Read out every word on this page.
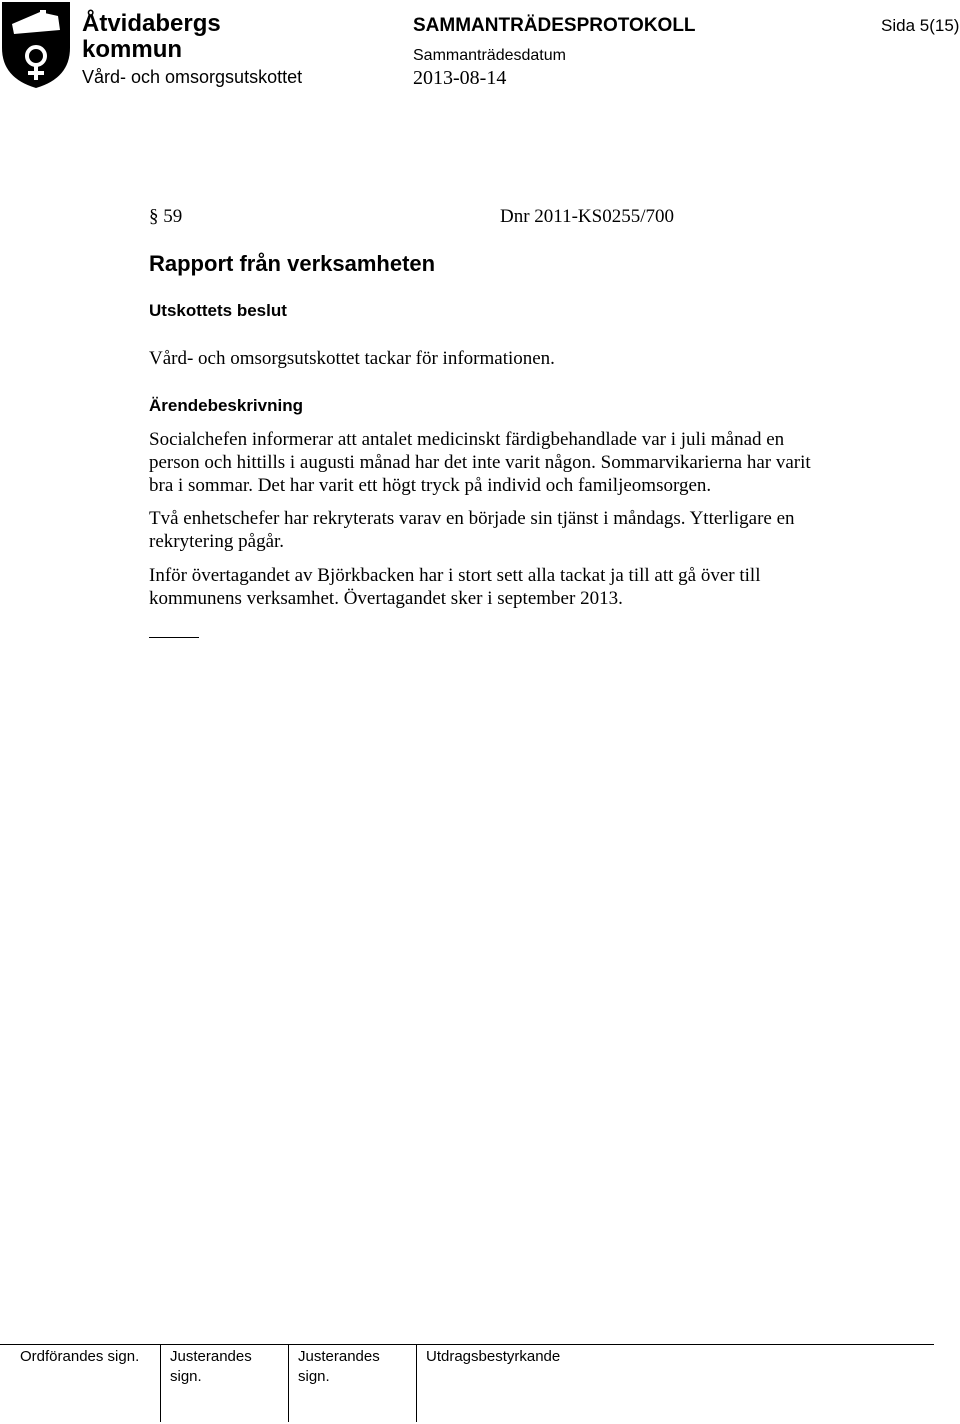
Åtvidabergs
kommun
Vård- och omsorgsutskottet
SAMMANTRÄDESPROTOKOLL
Sammanträdesdatum
2013-08-14
Sida 5(15)
§ 59	Dnr 2011-KS0255/700
Rapport från verksamheten
Utskottets beslut

Vård- och omsorgsutskottet tackar för informationen.

Ärendebeskrivning

Socialchefen informerar att antalet medicinskt färdigbehandlade var i juli månad en person och hittills i augusti månad har det inte varit någon. Sommarvikarierna har varit bra i sommar. Det har varit ett högt tryck på individ och familjeomsorgen.

Två enhetschefer har rekryterats varav en började sin tjänst i måndags. Ytterligare en rekrytering pågår.

Inför övertagandet av Björkbacken har i stort sett alla tackat ja till att gå över till kommunens verksamhet. Övertagandet sker i september 2013.

Ordförandes sign. Justerandes
sign.
Justerandes
sign.
Utdragsbestyrkande
